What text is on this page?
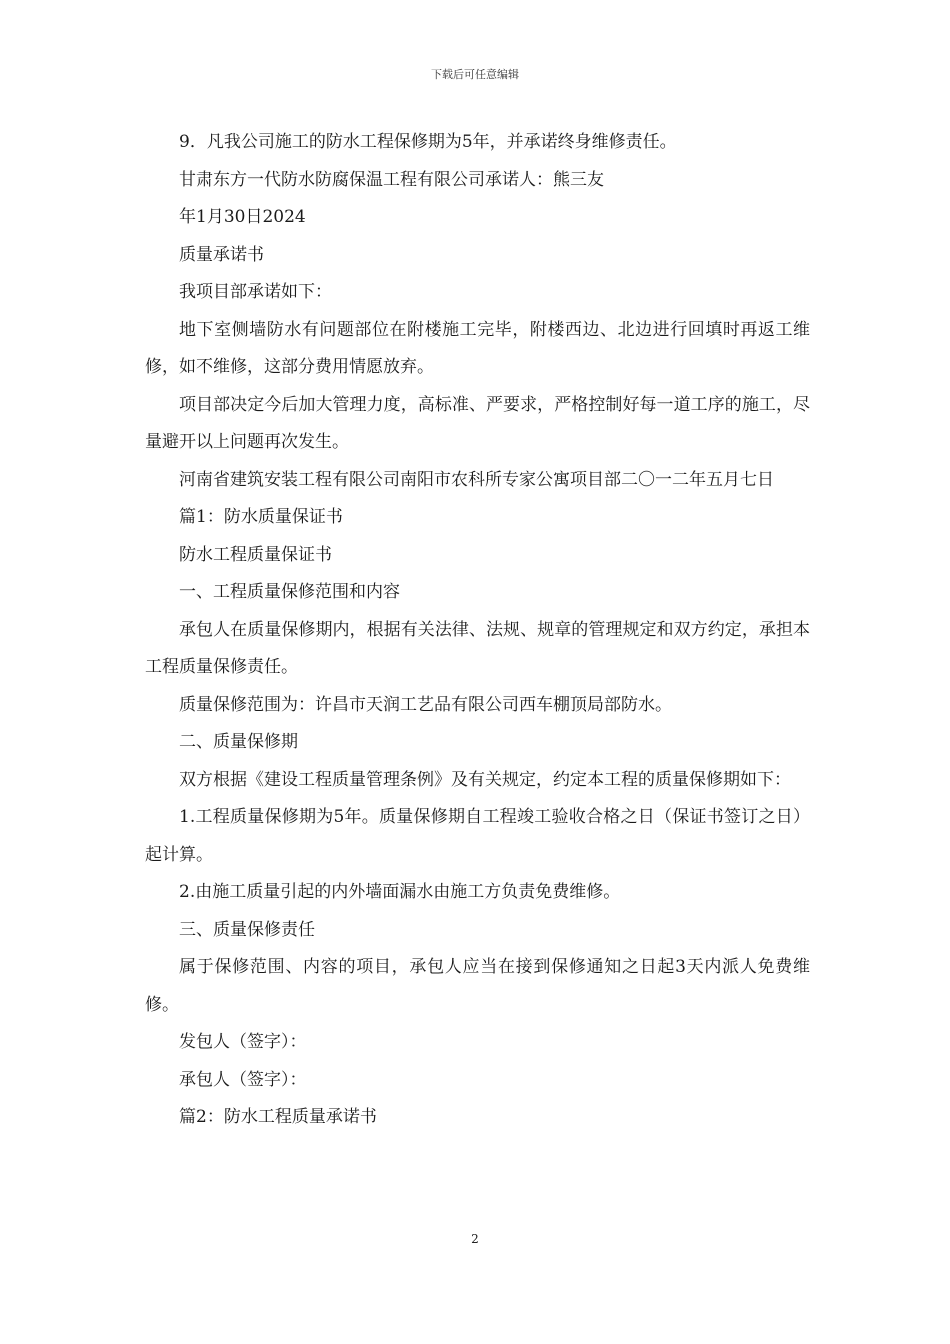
下载后可任意编辑

9．凡我公司施工的防水工程保修期为5年，并承诺终身维修责任。

甘肃东方一代防水防腐保温工程有限公司承诺人：熊三友

年1月30日2024

质量承诺书

我项目部承诺如下：

地下室侧墙防水有问题部位在附楼施工完毕，附楼西边、北边进行回填时再返工维修，如不维修，这部分费用情愿放弃。

项目部决定今后加大管理力度，高标准、严要求，严格控制好每一道工序的施工，尽量避开以上问题再次发生。

河南省建筑安装工程有限公司南阳市农科所专家公寓项目部二〇一二年五月七日

篇1：防水质量保证书

防水工程质量保证书

一、工程质量保修范围和内容

承包人在质量保修期内，根据有关法律、法规、规章的管理规定和双方约定，承担本工程质量保修责任。

质量保修范围为：许昌市天润工艺品有限公司西车棚顶局部防水。

二、质量保修期

双方根据《建设工程质量管理条例》及有关规定，约定本工程的质量保修期如下：

1.工程质量保修期为5年。质量保修期自工程竣工验收合格之日（保证书签订之日）起计算。

2.由施工质量引起的内外墙面漏水由施工方负责免费维修。

三、质量保修责任

属于保修范围、内容的项目，承包人应当在接到保修通知之日起3天内派人免费维修。

发包人（签字）：

承包人（签字）：

篇2：防水工程质量承诺书

2
